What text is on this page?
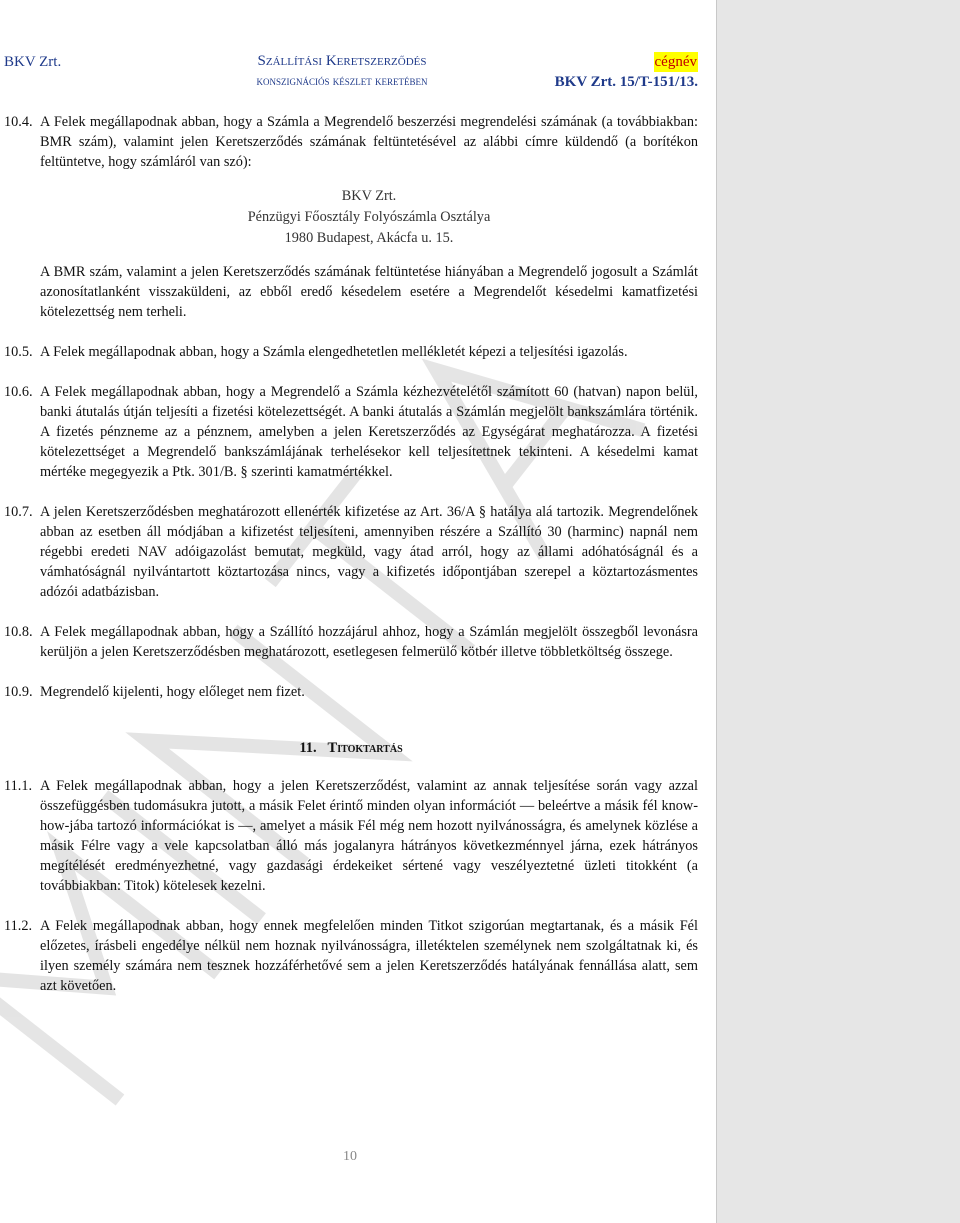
BKV Zrt.	Szállítási Keretszerződés
konszignációs készlet keretében
cégnév
BKV Zrt. 15/T-151/13.
10.4. A Felek megállapodnak abban, hogy a Számla a Megrendelő beszerzési megrendelési számának (a továbbiakban: BMR szám), valamint jelen Keretszerződés számának feltüntetésével az alábbi címre küldendő (a borítékon feltüntetve, hogy számláról van szó):
BKV Zrt.
Pénzügyi Főosztály Folyószámla Osztálya
1980 Budapest, Akácfa u. 15.
A BMR szám, valamint a jelen Keretszerződés számának feltüntetése hiányában a Megrendelő jogosult a Számlát azonosítatlanként visszaküldeni, az ebből eredő késedelem esetére a Megrendelőt késedelmi kamatfizetési kötelezettség nem terheli.
10.5. A Felek megállapodnak abban, hogy a Számla elengedhetetlen mellékletét képezi a teljesítési igazolás.
10.6. A Felek megállapodnak abban, hogy a Megrendelő a Számla kézhezvételétől számított 60 (hatvan) napon belül, banki átutalás útján teljesíti a fizetési kötelezettségét. A banki átutalás a Számlán megjelölt bankszámlára történik. A fizetés pénzneme az a pénznem, amelyben a jelen Keretszerződés az Egységárat meghatározza. A fizetési kötelezettséget a Megrendelő bankszámlájának terhelésekor kell teljesítettnek tekinteni. A késedelmi kamat mértéke megegyezik a Ptk. 301/B. § szerinti kamatmértékkel.
10.7. A jelen Keretszerződésben meghatározott ellenérték kifizetése az Art. 36/A § hatálya alá tartozik. Megrendelőnek abban az esetben áll módjában a kifizetést teljesíteni, amennyiben részére a Szállító 30 (harminc) napnál nem régebbi eredeti NAV adóigazolást bemutat, megküld, vagy átad arról, hogy az állami adóhatóságnál és a vámhatóságnál nyilvántartott köztartozása nincs, vagy a kifizetés időpontjában szerepel a köztartozásmentes adózói adatbázisban.
10.8. A Felek megállapodnak abban, hogy a Szállító hozzájárul ahhoz, hogy a Számlán megjelölt összegből levonásra kerüljön a jelen Keretszerződésben meghatározott, esetlegesen felmerülő kötbér illetve többletköltség összege.
10.9. Megrendelő kijelenti, hogy előleget nem fizet.
11. Titoktartás
11.1. A Felek megállapodnak abban, hogy a jelen Keretszerződést, valamint az annak teljesítése során vagy azzal összefüggésben tudomásukra jutott, a másik Felet érintő minden olyan információt — beleértve a másik fél know-how-jába tartozó információkat is —, amelyet a másik Fél még nem hozott nyilvánosságra, és amelynek közlése a másik Félre vagy a vele kapcsolatban álló más jogalanyra hátrányos következménnyel járna, ezek hátrányos megítélését eredményezhetné, vagy gazdasági érdekeiket sértené vagy veszélyeztetné üzleti titokként (a továbbiakban: Titok) kötelesek kezelni.
11.2. A Felek megállapodnak abban, hogy ennek megfelelően minden Titkot szigorúan megtartanak, és a másik Fél előzetes, írásbeli engedélye nélkül nem hoznak nyilvánosságra, illetéktelen személynek nem szolgáltatnak ki, és ilyen személy számára nem tesznek hozzáférhetővé sem a jelen Keretszerződés hatályának fennállása alatt, sem azt követően.
10
